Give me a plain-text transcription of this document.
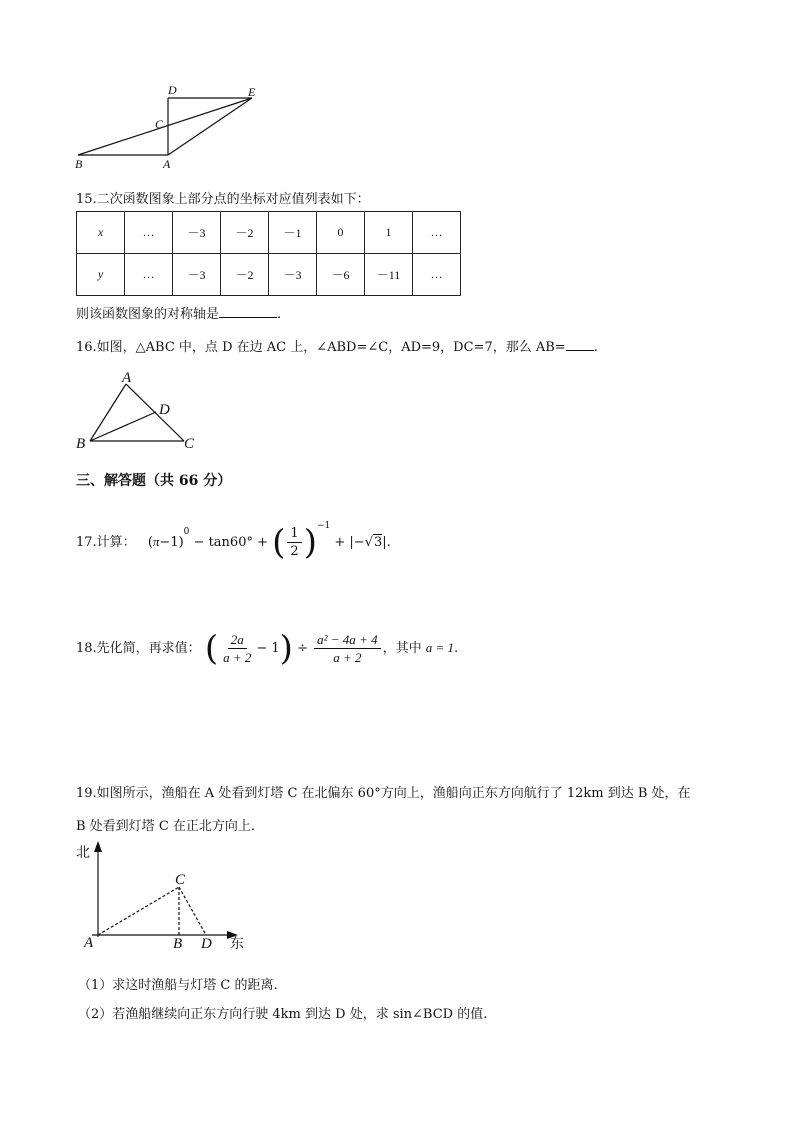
D	E
C
B	A
15.二次函数图象上部分点的坐标对应值列表如下：
x	…	－3	－2	－1	0	1	…
y	…	－3	－2	－3	－6	－11	…
则该函数图象的对称轴是	.
16.如图，△ABC 中，点 D 在边 AC 上，∠ABD=∠C，AD=9，DC=7，那么 AB= .
A
B	C
D
三、解答题（共 66 分）
17.计算： $(\pi-1)^0 - \tan 60^\circ$ + ( $\frac{1}{2} )^{-1} + |-√3|$.
18.先化简，再求值： ( $\frac{2a}{a + 2} - 1) \div \frac{\text{a² − 4a + 4}}{a + 2}$ ，其中 a = 1.
19.如图所示，渔船在 A 处看到灯塔 C 在北偏东 60°方向上，渔船向正东方向航行了 12km 到达 B 处，在
B 处看到灯塔 C 在正北方向上.
北
东
A	B
C
D
（1）求这时渔船与灯塔 C 的距离.
（2）若渔船继续向正东方向行驶 4km 到达 D 处，求 sin∠BCD 的值.
